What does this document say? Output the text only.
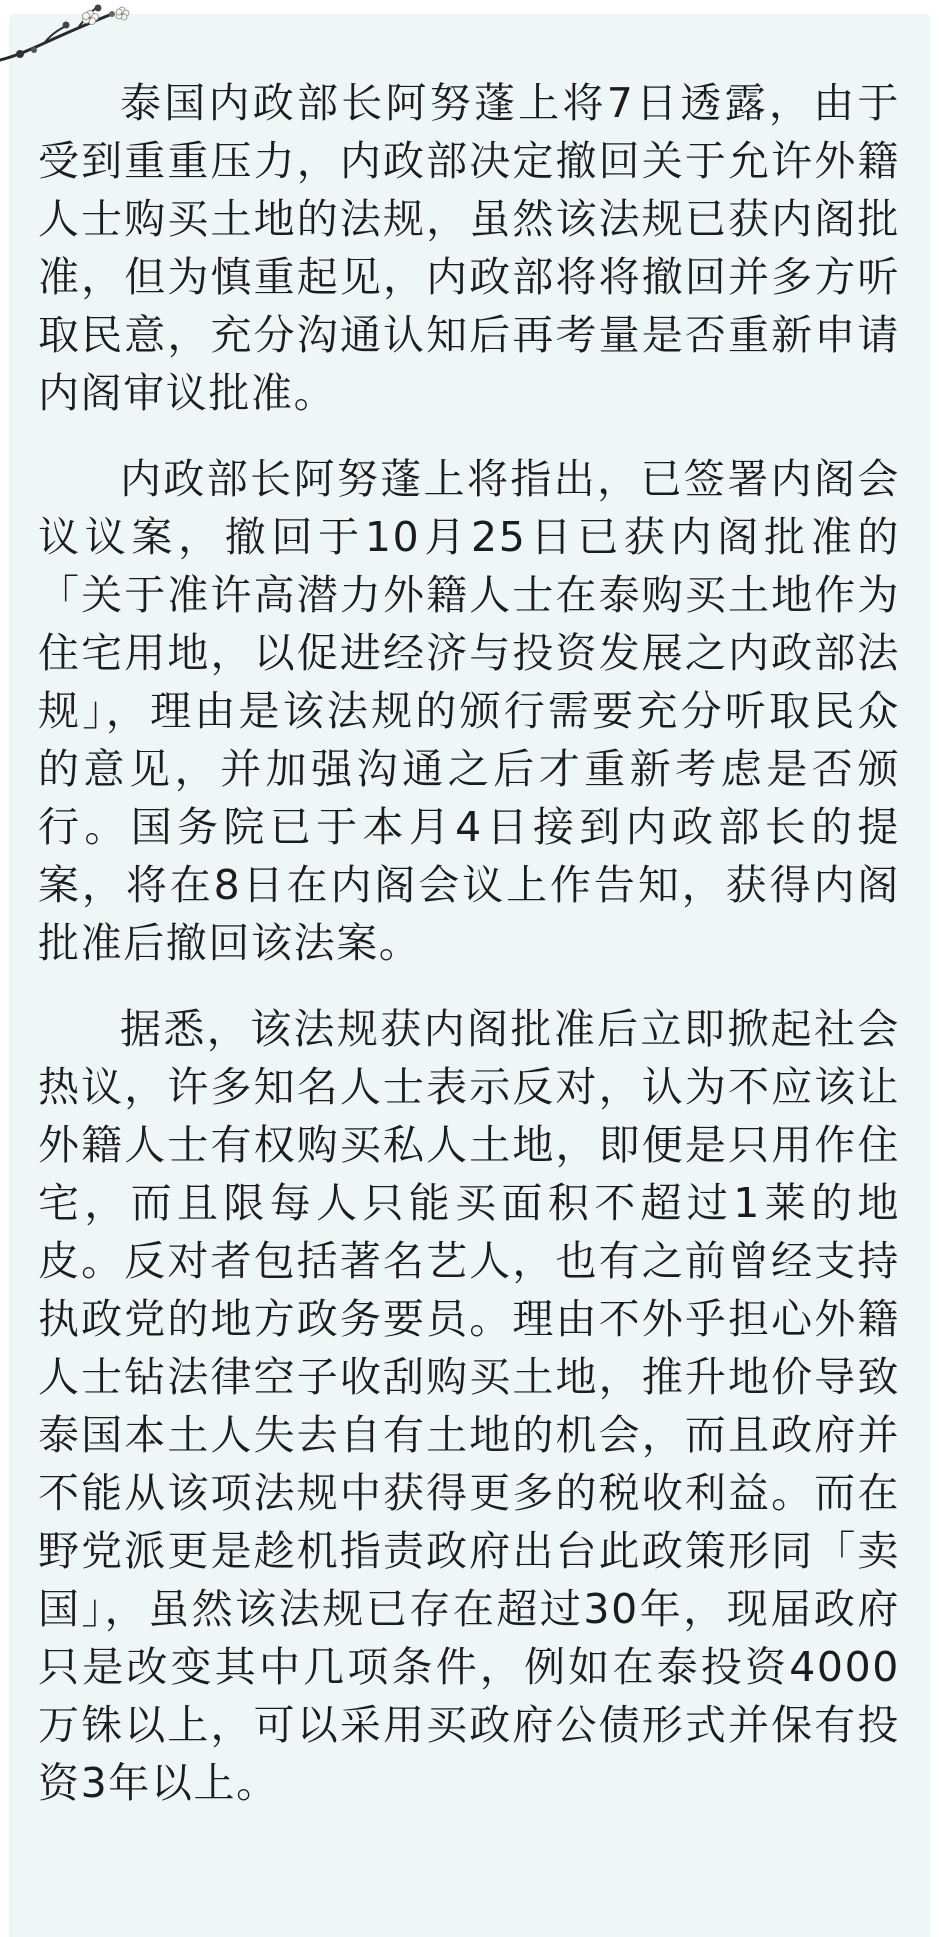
泰国内政部长阿努蓬上将7日透露，由于受到重重压力，内政部决定撤回关于允许外籍人士购买土地的法规，虽然该法规已获内阁批准，但为慎重起见，内政部将将撤回并多方听取民意，充分沟通认知后再考量是否重新申请内阁审议批准。

内政部长阿努蓬上将指出，已签署内阁会议议案，撤回于10月25日已获内阁批准的「关于准许高潜力外籍人士在泰购买土地作为住宅用地，以促进经济与投资发展之内政部法规」，理由是该法规的颁行需要充分听取民众的意见，并加强沟通之后才重新考虑是否颁行。国务院已于本月4日接到内政部长的提案，将在8日在内阁会议上作告知，获得内阁批准后撤回该法案。

据悉，该法规获内阁批准后立即掀起社会热议，许多知名人士表示反对，认为不应该让外籍人士有权购买私人土地，即便是只用作住宅，而且限每人只能买面积不超过1莱的地皮。反对者包括著名艺人，也有之前曾经支持执政党的地方政务要员。理由不外乎担心外籍人士钻法律空子收刮购买土地，推升地价导致泰国本土人失去自有土地的机会，而且政府并不能从该项法规中获得更多的税收利益。而在野党派更是趁机指责政府出台此政策形同「卖国」，虽然该法规已存在超过30年，现届政府只是改变其中几项条件，例如在泰投资4000万铢以上，可以采用买政府公债形式并保有投资3年以上。
